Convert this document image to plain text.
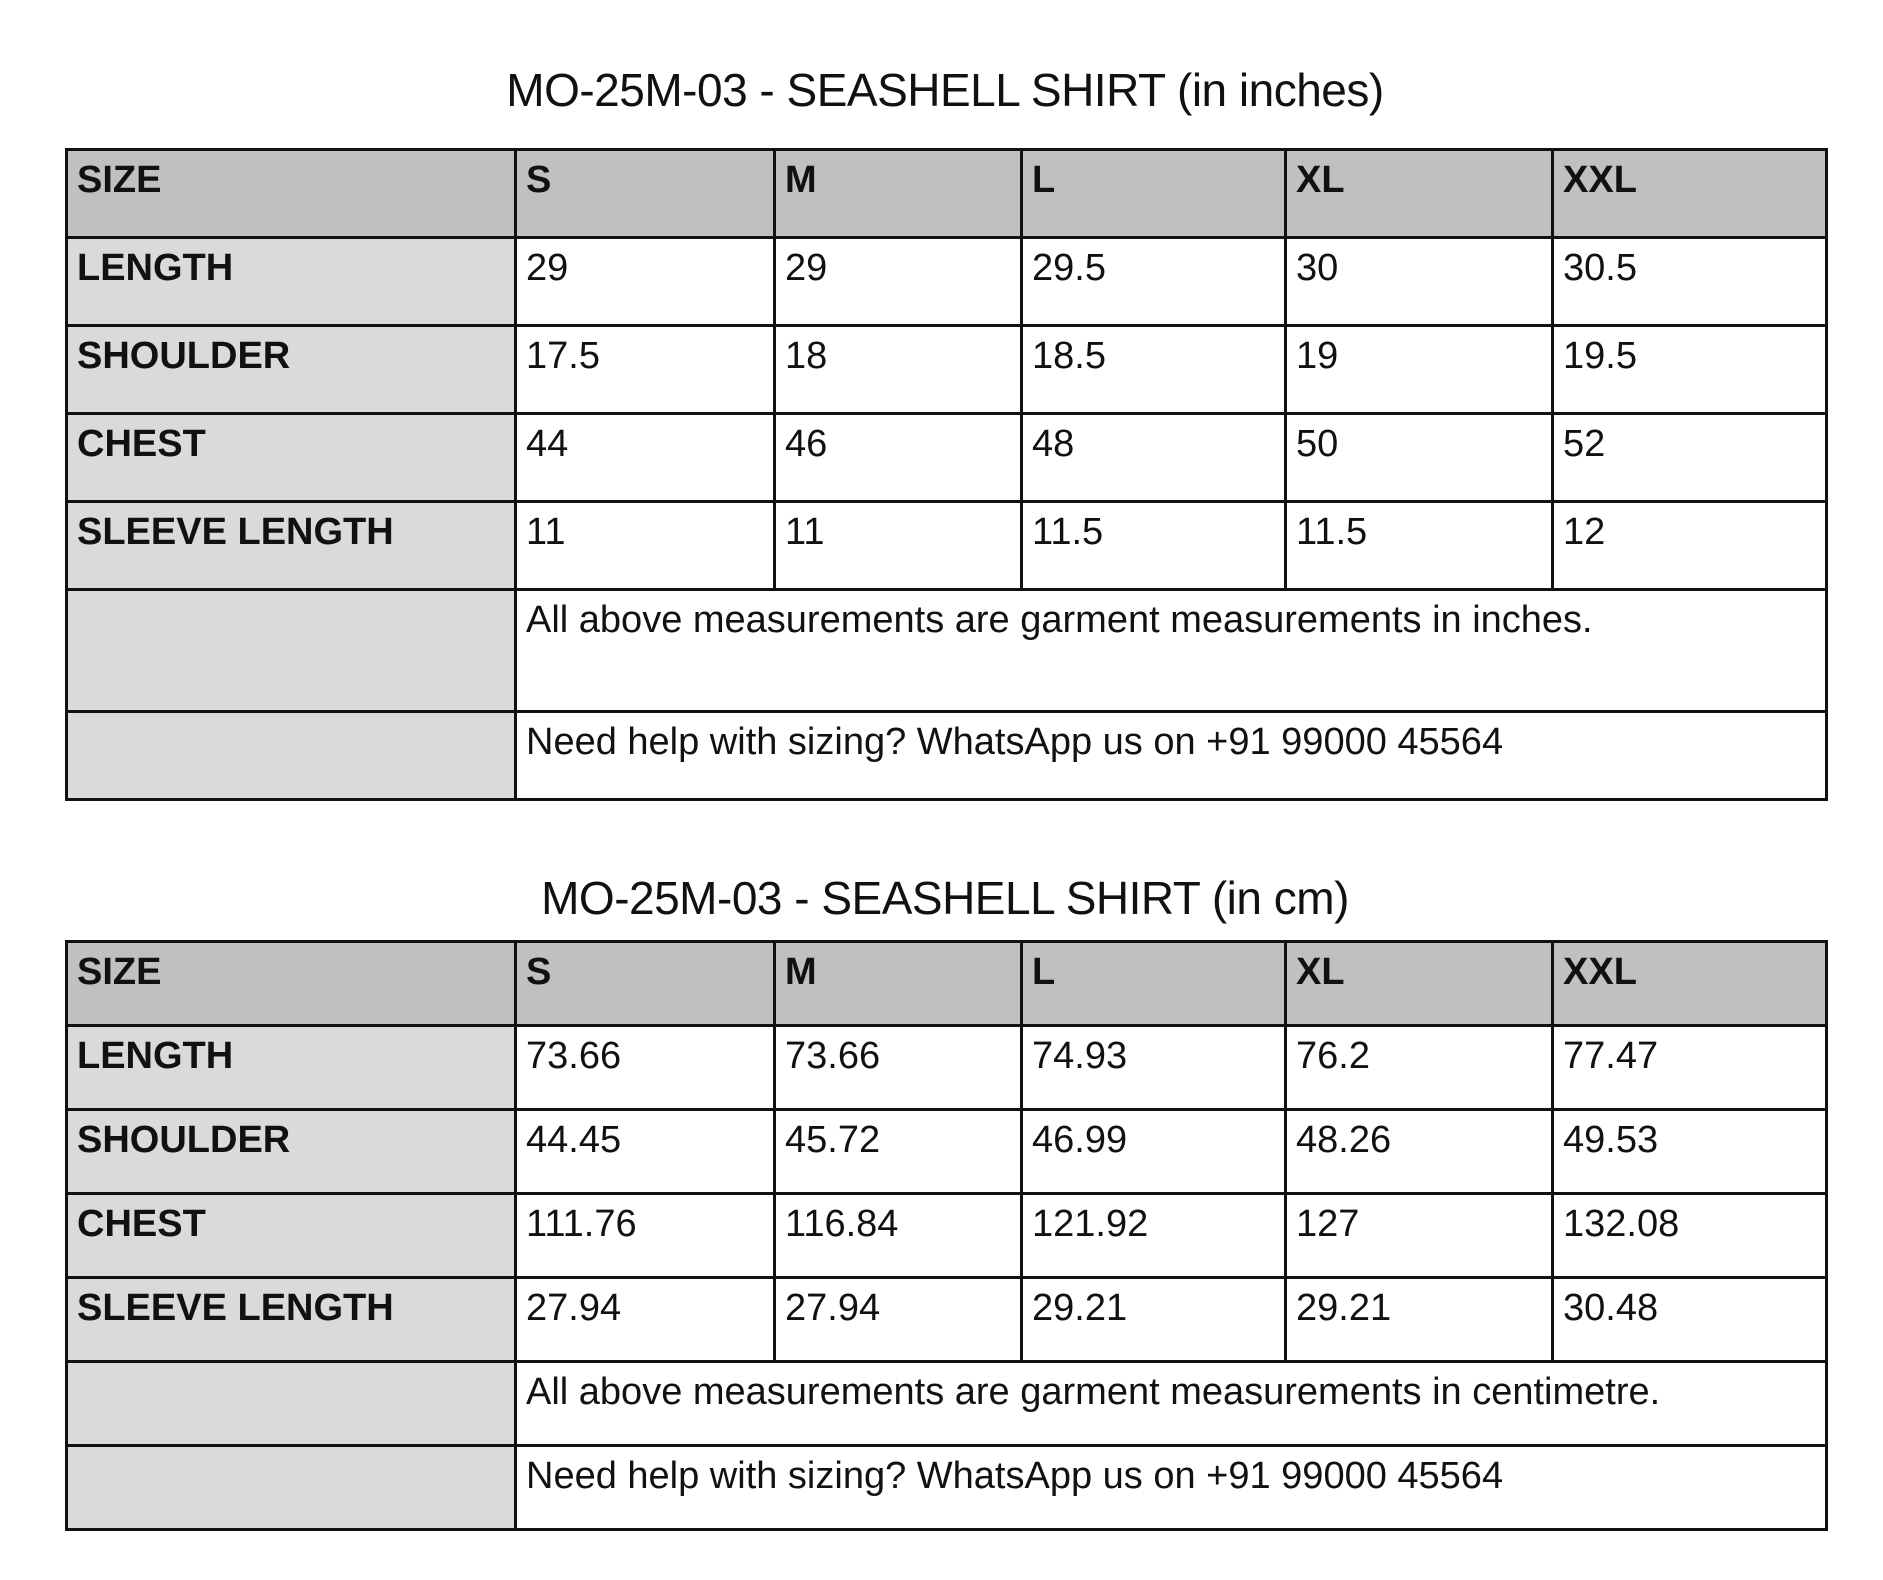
MO-25M-03 - SEASHELL SHIRT (in inches)
SIZE	S	M	L	XL	XXL
LENGTH	29	29	29.5	30	30.5
SHOULDER	17.5	18	18.5	19	19.5
CHEST	44	46	48	50	52
SLEEVE LENGTH	11	11	11.5	11.5	12
	All above measurements are garment measurements in inches.				
	Need help with sizing? WhatsApp us on +91 99000 45564				
MO-25M-03 - SEASHELL SHIRT (in cm)
SIZE	S	M	L	XL	XXL
LENGTH	73.66	73.66	74.93	76.2	77.47
SHOULDER	44.45	45.72	46.99	48.26	49.53
CHEST	111.76	116.84	121.92	127	132.08
SLEEVE LENGTH	27.94	27.94	29.21	29.21	30.48
	All above measurements are garment measurements in centimetre.				
	Need help with sizing? WhatsApp us on +91 99000 45564				
